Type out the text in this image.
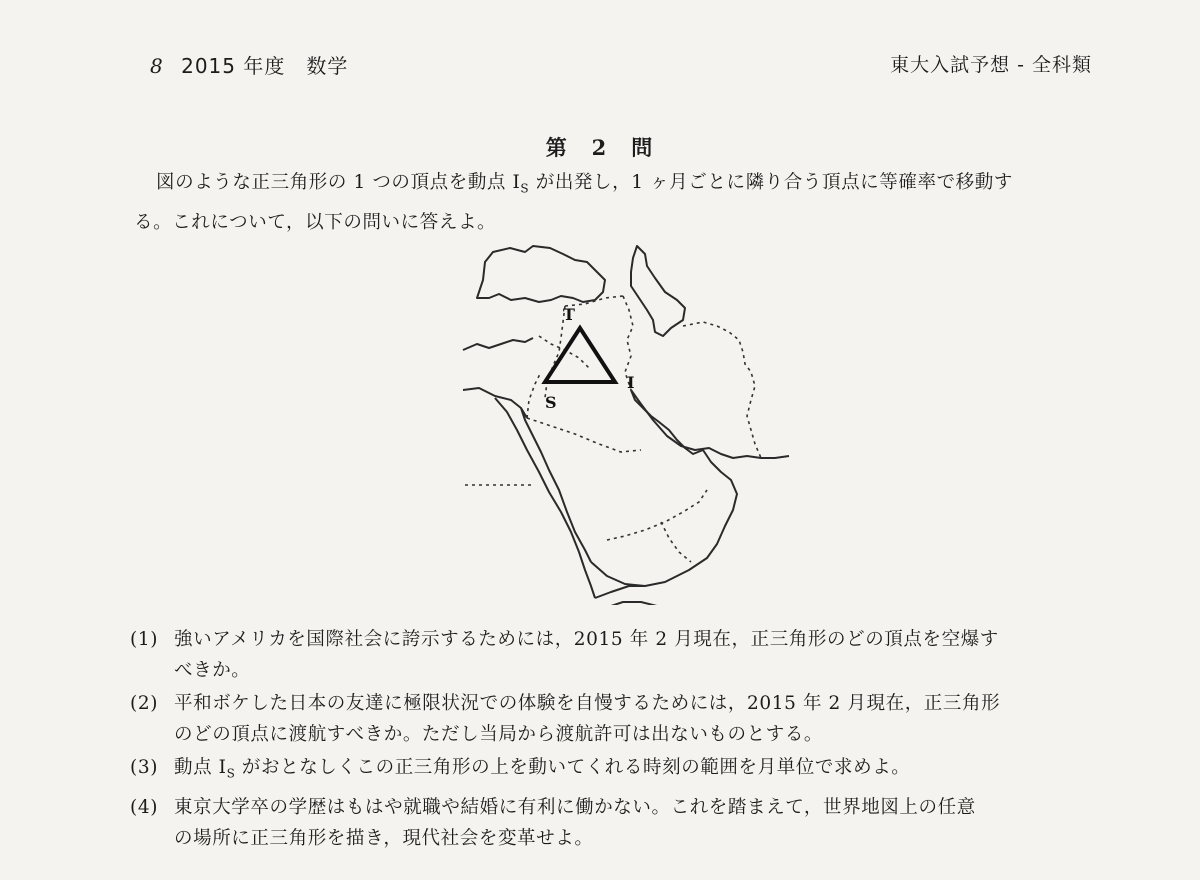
8 2015 年度　数学	東大入試予想 - 全科類
第　2　問
図のような正三角形の 1 つの頂点を動点 $I_S$ が出発し，1 ヶ月ごとに隣り合う頂点に等確率で移動す
る。これについて，以下の問いに答えよ。
T
S
I
(1) 強いアメリカを国際社会に誇示するためには，2015 年 2 月現在，正三角形のどの頂点を空爆す
べきか。
(2) 平和ボケした日本の友達に極限状況での体験を自慢するためには，2015 年 2 月現在，正三角形
のどの頂点に渡航すべきか。ただし当局から渡航許可は出ないものとする。
(3) 動点 $I_S$ がおとなしくこの正三角形の上を動いてくれる時刻の範囲を月単位で求めよ。
(4) 東京大学卒の学歴はもはや就職や結婚に有利に働かない。これを踏まえて，世界地図上の任意
の場所に正三角形を描き，現代社会を変革せよ。
